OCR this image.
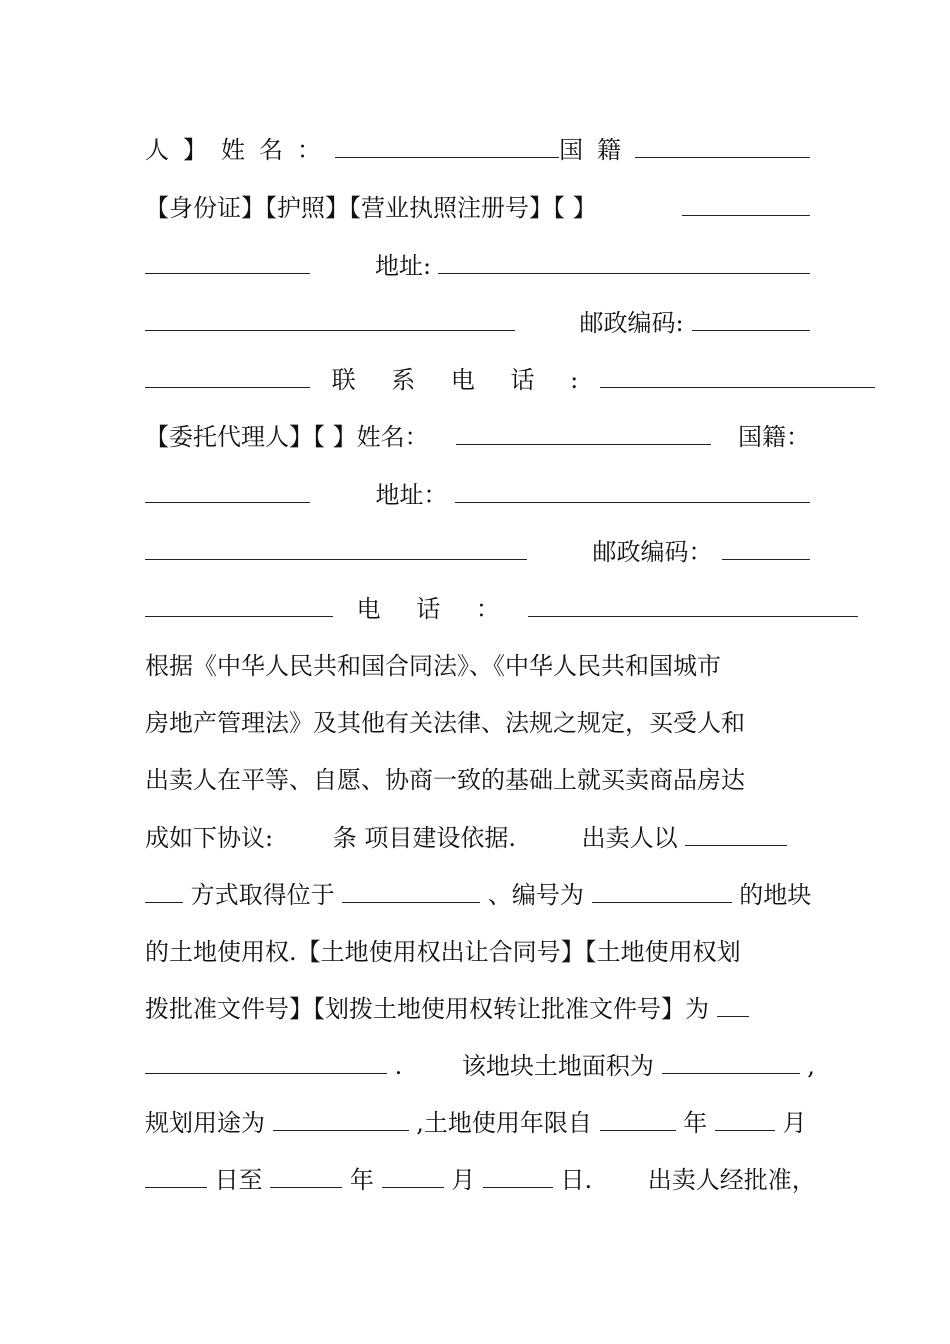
人】姓名：	国籍
【身份证】【护照】【营业执照注册号】【 】
地址:
邮政编码:
联 系 电 话 :
【委托代理人】【 】姓名：	国籍：
地址：
邮政编码：
电 话 ：
根据《中华人民共和国合同法》、《中华人民共和国城市
房地产管理法》及其他有关法律、法规之规定，买受人和
出卖人在平等、自愿、协商一致的基础上就买卖商品房达
成如下协议: 条 项目建设依据.	出卖人以
方式取得位于	、编号为	的地块
的土地使用权.【土地使用权出让合同号】【土地使用权划
拨批准文件号】【划拨土地使用权转让批准文件号】为
. 该地块土地面积为	,
规划用途为	,土地使用年限自	年	月
日至	年	月	日. 出卖人经批准，
